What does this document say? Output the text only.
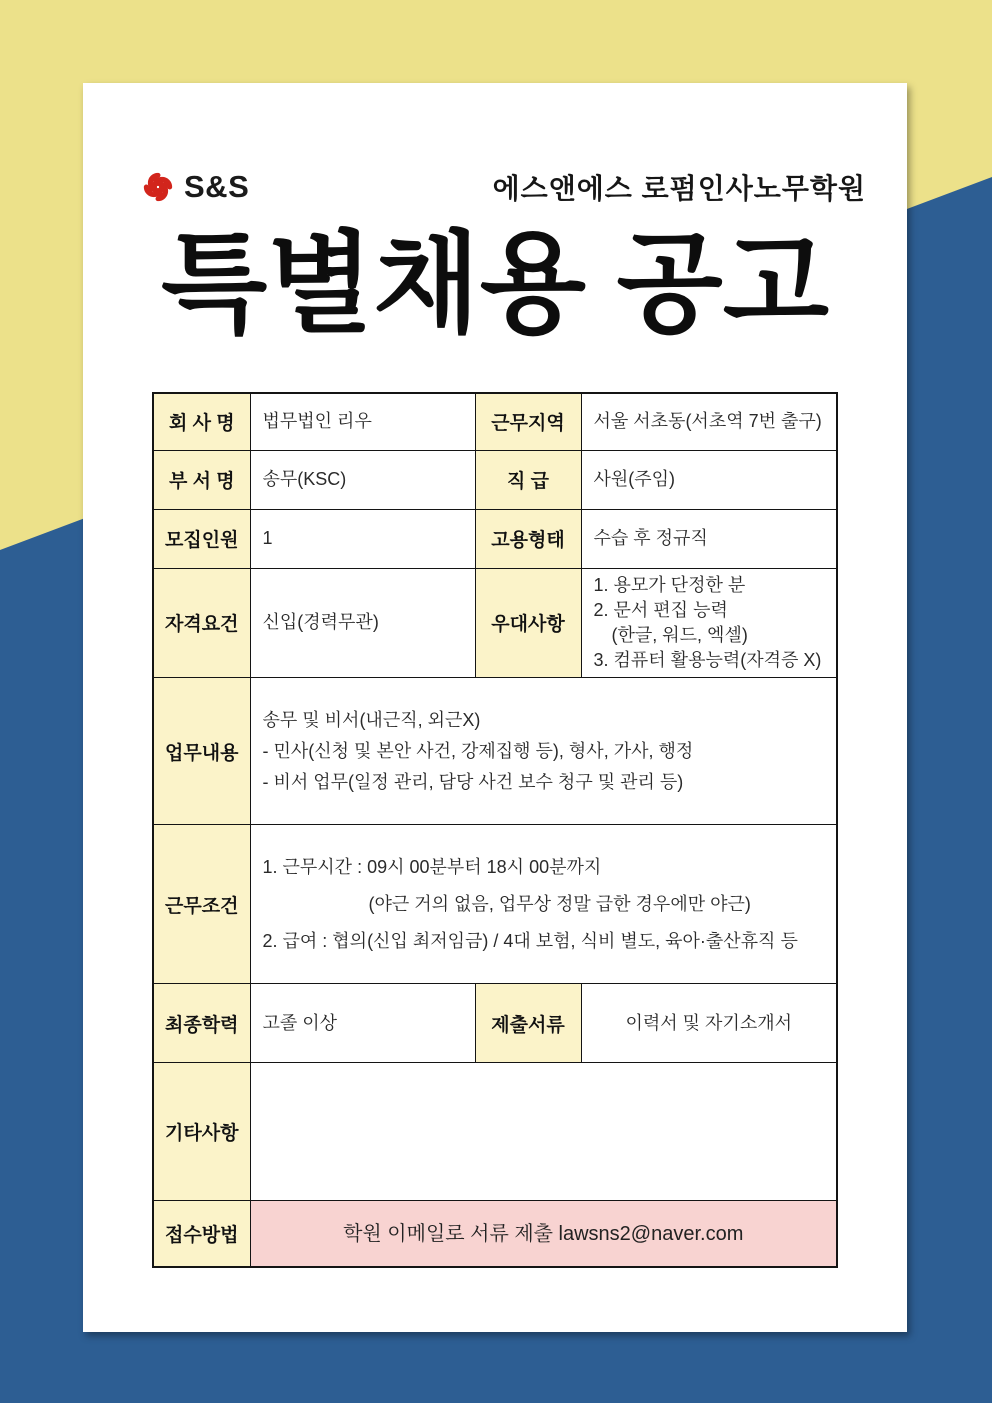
S&S	에스앤에스 로펌인사노무학원
특별채용 공고
회 사 명	법무법인 리우	근무지역	서울 서초동(서초역 7번 출구)
부 서 명	송무(KSC)	직 급	사원(주임)
모집인원	1	고용형태	수습 후 정규직
자격요건	신입(경력무관)	우대사항	1. 용모가 단정한 분
2. 문서 편집 능력
(한글, 워드, 엑셀)
3. 컴퓨터 활용능력(자격증 X)

업무내용	송무 및 비서(내근직, 외근X)
- 민사(신청 및 본안 사건, 강제집행 등), 형사, 가사, 행정
- 비서 업무(일정 관리, 담당 사건 보수 청구 및 관리 등)		

근무조건	1. 근무시간 : 09시 00분부터 18시 00분까지
(야근 거의 없음, 업무상 정말 급한 경우에만 야근)
2. 급여 : 협의(신입 최저임금) / 4대 보험, 식비 별도, 육아·출산휴직 등		

최종학력	고졸 이상	제출서류	이력서 및 자기소개서
기타사항			
접수방법	학원 이메일로 서류 제출 lawsns2@naver.com		
